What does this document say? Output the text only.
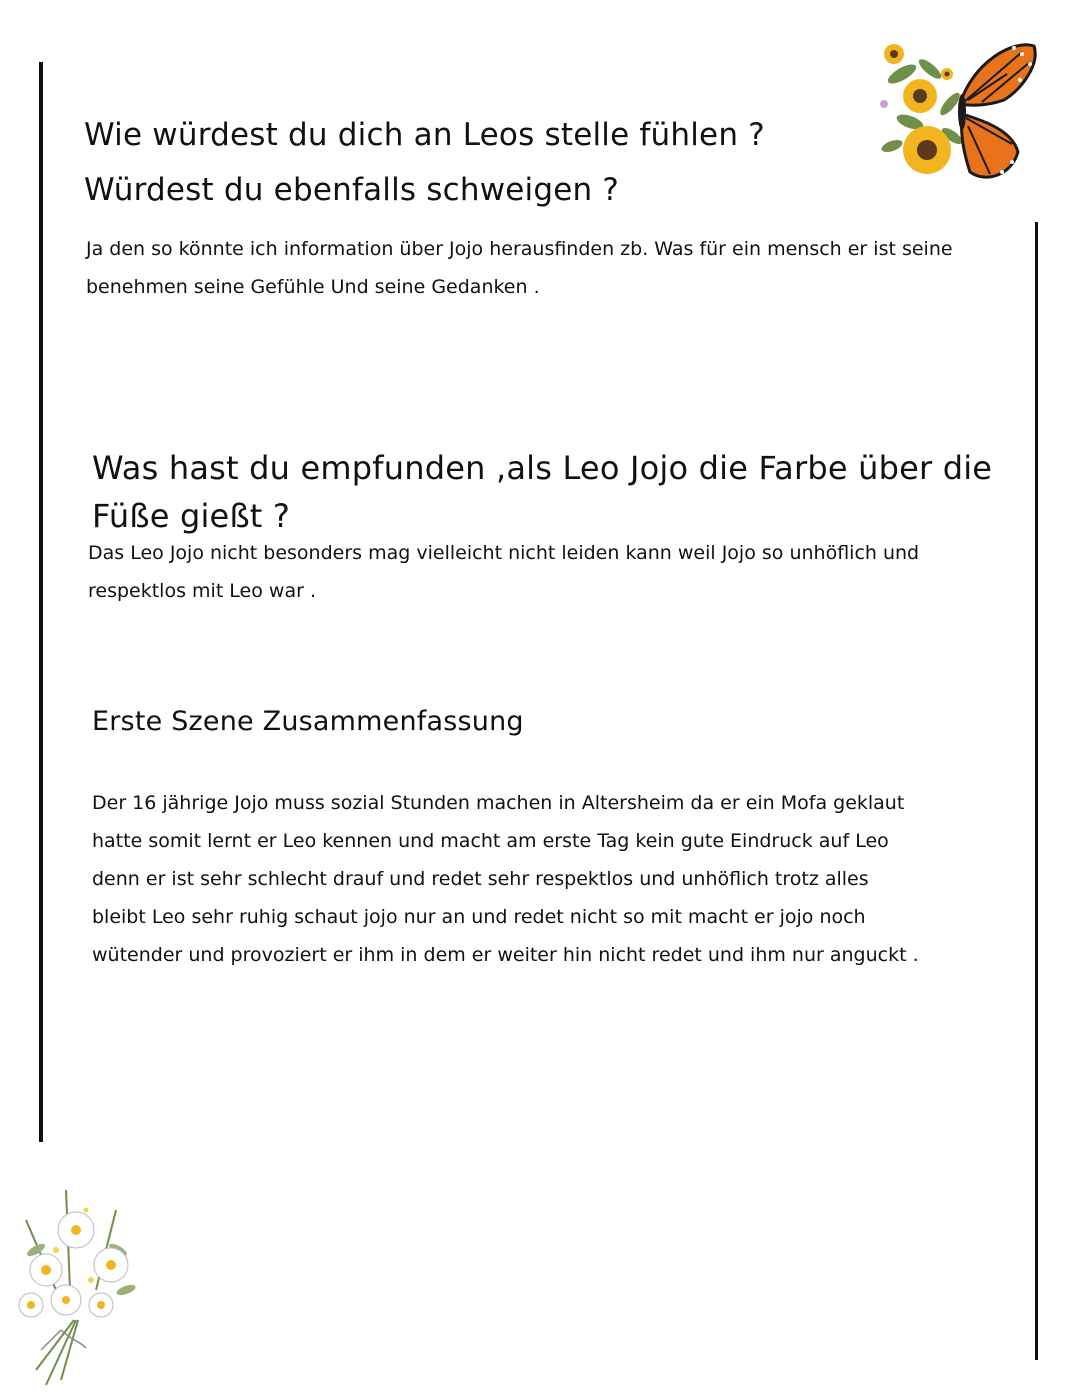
Wie würdest du dich an Leos stelle fühlen ? Würdest du ebenfalls schweigen ?

Ja den so könnte ich information über Jojo herausfinden zb. Was für ein mensch er ist seine benehmen seine Gefühle Und seine Gedanken .

Was hast du empfunden ,als Leo Jojo die Farbe über die Füße gießt ?

Das Leo Jojo nicht besonders mag vielleicht nicht leiden kann weil Jojo so unhöflich und respektlos mit Leo war .

Erste Szene Zusammenfassung

Der 16 jährige Jojo muss sozial Stunden machen in Altersheim da er ein Mofa geklaut hatte somit lernt er Leo kennen und macht am erste Tag kein gute Eindruck auf Leo denn er ist sehr schlecht drauf und redet sehr respektlos und unhöflich trotz alles bleibt Leo sehr ruhig schaut jojo nur an und redet nicht so mit macht er jojo noch wütender und provoziert er ihm in dem er weiter hin nicht redet und ihm nur anguckt .
